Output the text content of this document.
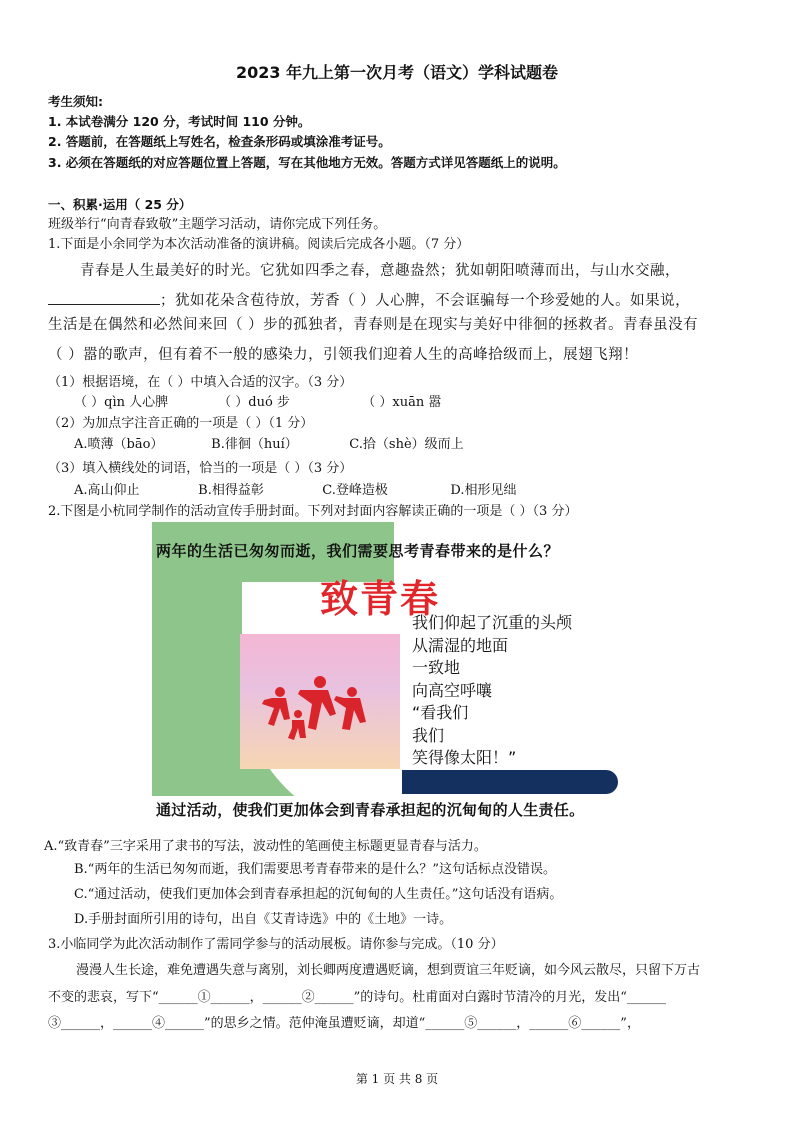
2023 年九上第一次月考（语文）学科试题卷
考生须知:
1. 本试卷满分 120 分，考试时间 110 分钟。
2. 答题前，在答题纸上写姓名，检查条形码或填涂准考证号。
3. 必须在答题纸的对应答题位置上答题，写在其他地方无效。答题方式详见答题纸上的说明。
一、积累·运用（ 25 分）
班级举行“向青春致敬”主题学习活动，请你完成下列任务。
1.下面是小余同学为本次活动准备的演讲稿。阅读后完成各小题。（7 分）
青春是人生最美好的时光。它犹如四季之春，意趣盎然；犹如朝阳喷薄而出，与山水交融，
；犹如花朵含苞待放，芳香（ ）人心脾，不会诓骗每一个珍爱她的人。如果说，
生活是在偶然和必然间来回（ ）步的孤独者，青春则是在现实与美好中徘徊的拯救者。青春虽没有
（ ）嚣的歌声，但有着不一般的感染力，引领我们迎着人生的高峰拾级而上，展翅飞翔！
（1）根据语境，在（ ）中填入合适的汉字。（3 分）
（ ）qìn 人心脾	（ ）duó 步	（ ）xuān 嚣
（2）为加点字注音正确的一项是（ ）（1 分）
A.喷薄（bāo）	B.徘徊（huí）	C.拾（shè）级而上
（3）填入横线处的词语，恰当的一项是（ ）（3 分）
A.高山仰止	B.相得益彰	C.登峰造极	D.相形见绌
2.下图是小杭同学制作的活动宣传手册封面。下列对封面内容解读正确的一项是（ ）（3 分）
两年的生活已匆匆而逝，我们需要思考青春带来的是什么？
致青春
我们仰起了沉重的头颅
从濡湿的地面
一致地
向高空呼嚷
“看我们
我们
笑得像太阳！”
通过活动，使我们更加体会到青春承担起的沉甸甸的人生责任。
A.“致青春”三字采用了隶书的写法，波动性的笔画使主标题更显青春与活力。
B.“两年的生活已匆匆而逝，我们需要思考青春带来的是什么？”这句话标点没错误。
C.“通过活动，使我们更加体会到青春承担起的沉甸甸的人生责任。”这句话没有语病。
D.手册封面所引用的诗句，出自《艾青诗选》中的《土地》一诗。
3.小临同学为此次活动制作了需同学参与的活动展板。请你参与完成。（10 分）
漫漫人生长途，难免遭遇失意与离别，刘长卿两度遭遇贬谪，想到贾谊三年贬谪，如今风云散尽，只留下万古
不变的悲哀，写下“______①______，______②______”的诗句。杜甫面对白露时节清冷的月光，发出“______
③______，______④______”的思乡之情。范仲淹虽遭贬谪，却道“______⑤______，______⑥______”，
第 1 页 共 8 页
